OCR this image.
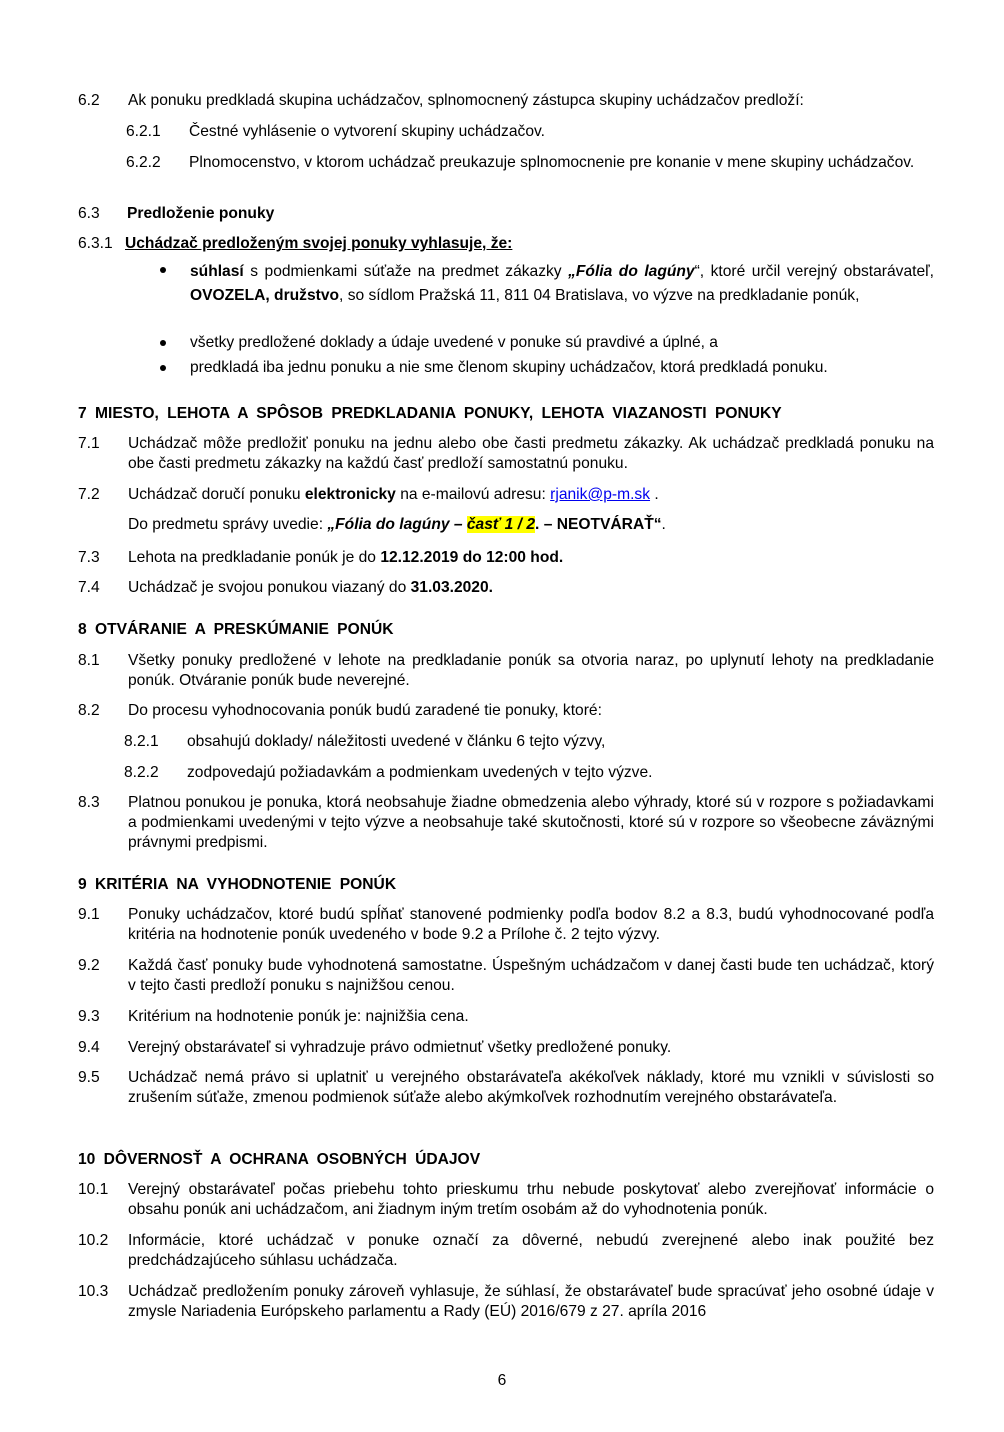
6.2	Ak ponuku predkladá skupina uchádzačov, splnomocnený zástupca skupiny uchádzačov predloží:
6.2.1	Čestné vyhlásenie o vytvorení skupiny uchádzačov.
6.2.2	Plnomocenstvo, v ktorom uchádzač preukazuje splnomocnenie pre konanie v mene skupiny uchádzačov.
6.3	Predloženie ponuky
6.3.1 Uchádzač predloženým svojej ponuky vyhlasuje, že:
súhlasí s podmienkami súťaže na predmet zákazky „Fólia do lagúny“, ktoré určil verejný obstarávateľ, OVOZELA, družstvo, so sídlom Pražská 11, 811 04 Bratislava, vo výzve na predkladanie ponúk,
všetky predložené doklady a údaje uvedené v ponuke sú pravdivé a úplné, a
predkladá iba jednu ponuku a nie sme členom skupiny uchádzačov, ktorá predkladá ponuku.
7 MIESTO, LEHOTA A SPÔSOB PREDKLADANIA PONUKY, LEHOTA VIAZANOSTI PONUKY
7.1	Uchádzač môže predložiť ponuku na jednu alebo obe časti predmetu zákazky. Ak uchádzač predkladá ponuku na obe časti predmetu zákazky na každú časť predloží samostatnú ponuku.
7.2	Uchádzač doručí ponuku elektronicky na e-mailovú adresu: rjanik@p-m.sk .
Do predmetu správy uvedie: „Fólia do lagúny – časť 1 / 2. – NEOTVÁRAŤ“.
7.3	Lehota na predkladanie ponúk je do 12.12.2019 do 12:00 hod.
7.4	Uchádzač je svojou ponukou viazaný do 31.03.2020.
8 OTVÁRANIE A PRESKÚMANIE PONÚK
8.1	Všetky ponuky predložené v lehote na predkladanie ponúk sa otvoria naraz, po uplynutí lehoty na predkladanie ponúk. Otváranie ponúk bude neverejné.
8.2	Do procesu vyhodnocovania ponúk budú zaradené tie ponuky, ktoré:
8.2.1	obsahujú doklady/ náležitosti uvedené v článku 6 tejto výzvy,
8.2.2	zodpovedajú požiadavkám a podmienkam uvedených v tejto výzve.
8.3	Platnou ponukou je ponuka, ktorá neobsahuje žiadne obmedzenia alebo výhrady, ktoré sú v rozpore s požiadavkami a podmienkami uvedenými v tejto výzve a neobsahuje také skutočnosti, ktoré sú v rozpore so všeobecne záväznými právnymi predpismi.
9 KRITÉRIA NA VYHODNOTENIE PONÚK
9.1	Ponuky uchádzačov, ktoré budú spĺňať stanovené podmienky podľa bodov 8.2 a 8.3, budú vyhodnocované podľa kritéria na hodnotenie ponúk uvedeného v bode 9.2 a Prílohe č. 2 tejto výzvy.
9.2	Každá časť ponuky bude vyhodnotená samostatne. Úspešným uchádzačom v danej časti bude ten uchádzač, ktorý v tejto časti predloží ponuku s najnižšou cenou.
9.3	Kritérium na hodnotenie ponúk je: najnižšia cena.
9.4	Verejný obstarávateľ si vyhradzuje právo odmietnuť všetky predložené ponuky.
9.5	Uchádzač nemá právo si uplatniť u verejného obstarávateľa akékoľvek náklady, ktoré mu vznikli v súvislosti so zrušením súťaže, zmenou podmienok súťaže alebo akýmkoľvek rozhodnutím verejného obstarávateľa.
10 DÔVERNOSŤ A OCHRANA OSOBNÝCH ÚDAJOV
10.1	Verejný obstarávateľ počas priebehu tohto prieskumu trhu nebude poskytovať alebo zverejňovať informácie o obsahu ponúk ani uchádzačom, ani žiadnym iným tretím osobám až do vyhodnotenia ponúk.
10.2	Informácie, ktoré uchádzač v ponuke označí za dôverné, nebudú zverejnené alebo inak použité bez predchádzajúceho súhlasu uchádzača.
10.3	Uchádzač predložením ponuky zároveň vyhlasuje, že súhlasí, že obstarávateľ bude spracúvať jeho osobné údaje v zmysle Nariadenia Európskeho parlamentu a Rady (EÚ) 2016/679 z 27. apríla 2016
6
